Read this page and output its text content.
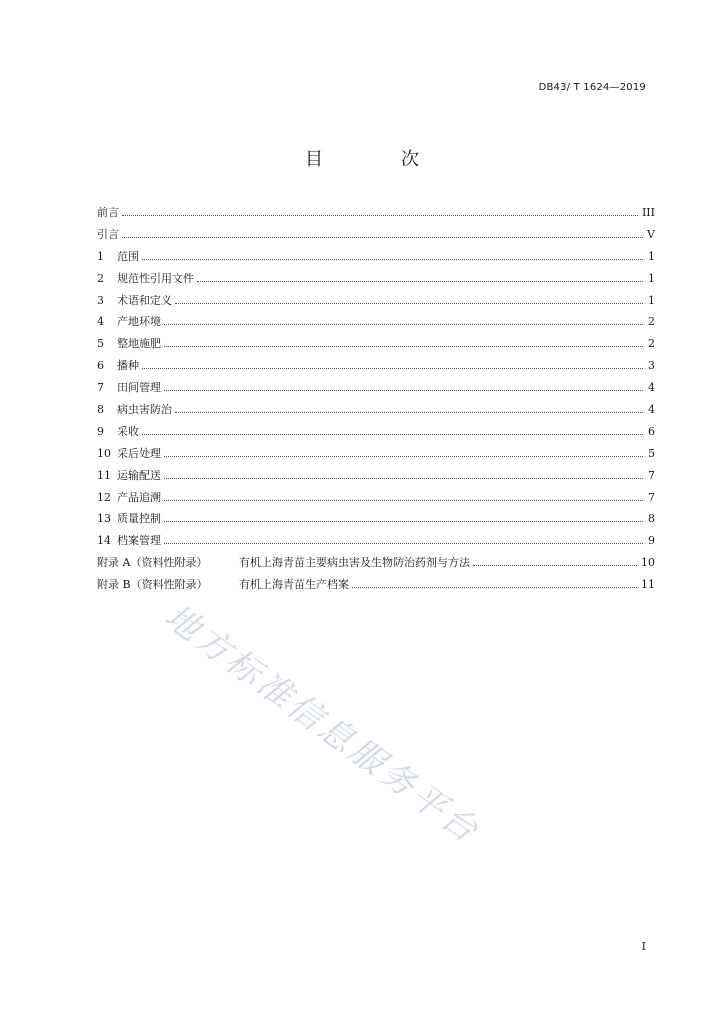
DB43/ T 1624—2019
目　次
前言	III
引言	V
1	范围	1
2	规范性引用文件	1
3	术语和定义	1
4	产地环境	2
5	整地施肥	2
6	播种	3
7	田间管理	4
8	病虫害防治	4
9	采收	6
10 采后处理	5
11 运输配送	7
12 产品追溯	7
13 质量控制	8
14 档案管理	9
附录 A（资料性附录）	有机上海青苗主要病虫害及生物防治药剂与方法	10
附录 B（资料性附录）	有机上海青苗生产档案	11
地方标准信息服务平台
I
